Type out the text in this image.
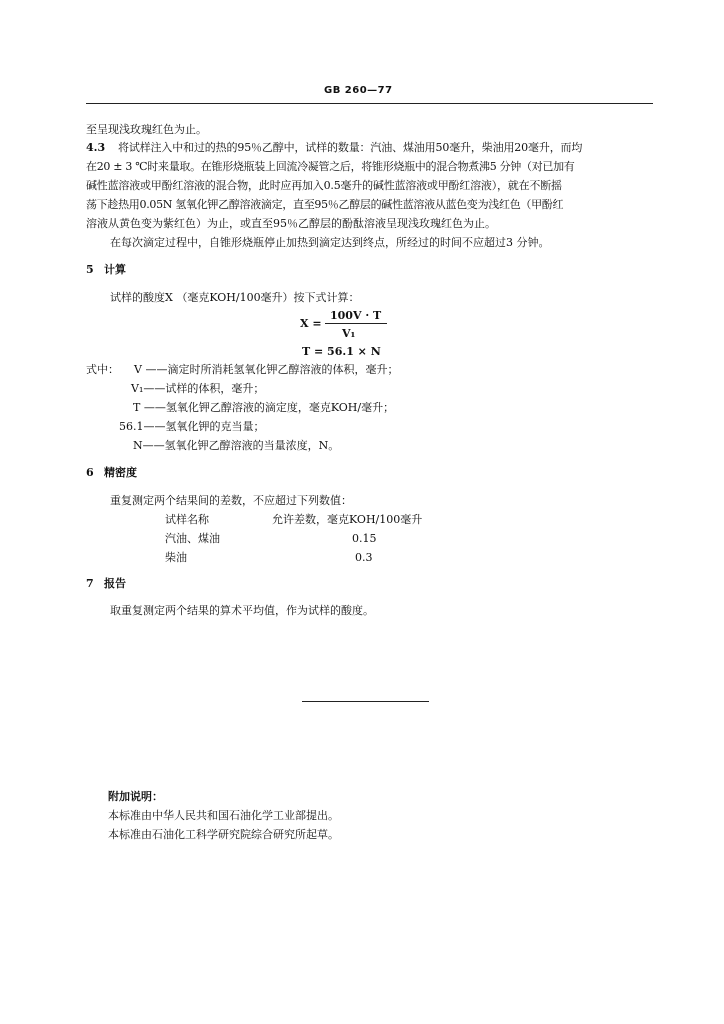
GB 260—77
至呈现浅玫瑰红色为止。
4.3 将试样注入中和过的热的95％乙醇中，试样的数量：汽油、煤油用50毫升，柴油用20毫升，而均
在20 ± 3 ℃时来量取。在锥形烧瓶装上回流冷凝管之后，将锥形烧瓶中的混合物煮沸5 分钟（对已加有
碱性蓝溶液或甲酚红溶液的混合物，此时应再加入0.5毫升的碱性蓝溶液或甲酚红溶液），就在不断摇
荡下趁热用0.05N 氢氧化钾乙醇溶液滴定，直至95％乙醇层的碱性蓝溶液从蓝色变为浅红色（甲酚红
溶液从黄色变为紫红色）为止，或直至95％乙醇层的酚酞溶液呈现浅玫瑰红色为止。
在每次滴定过程中，自锥形烧瓶停止加热到滴定达到终点，所经过的时间不应超过3 分钟。
5 计算
试样的酸度X （毫克KOH/100毫升）按下式计算：
100V · T
X =
V₁
T = 56.1 × N
式中： V ——滴定时所消耗氢氧化钾乙醇溶液的体积，毫升；
V₁——试样的体积，毫升；
T ——氢氧化钾乙醇溶液的滴定度，毫克KOH/毫升；
56.1——氢氧化钾的克当量；
N——氢氧化钾乙醇溶液的当量浓度，N。
6 精密度
重复测定两个结果间的差数，不应超过下列数值：
试样名称	允许差数，毫克KOH/100毫升
汽油、煤油	0.15
柴油	0.3
7 报告
取重复测定两个结果的算术平均值，作为试样的酸度。
附加说明：
本标准由中华人民共和国石油化学工业部提出。
本标准由石油化工科学研究院综合研究所起草。
